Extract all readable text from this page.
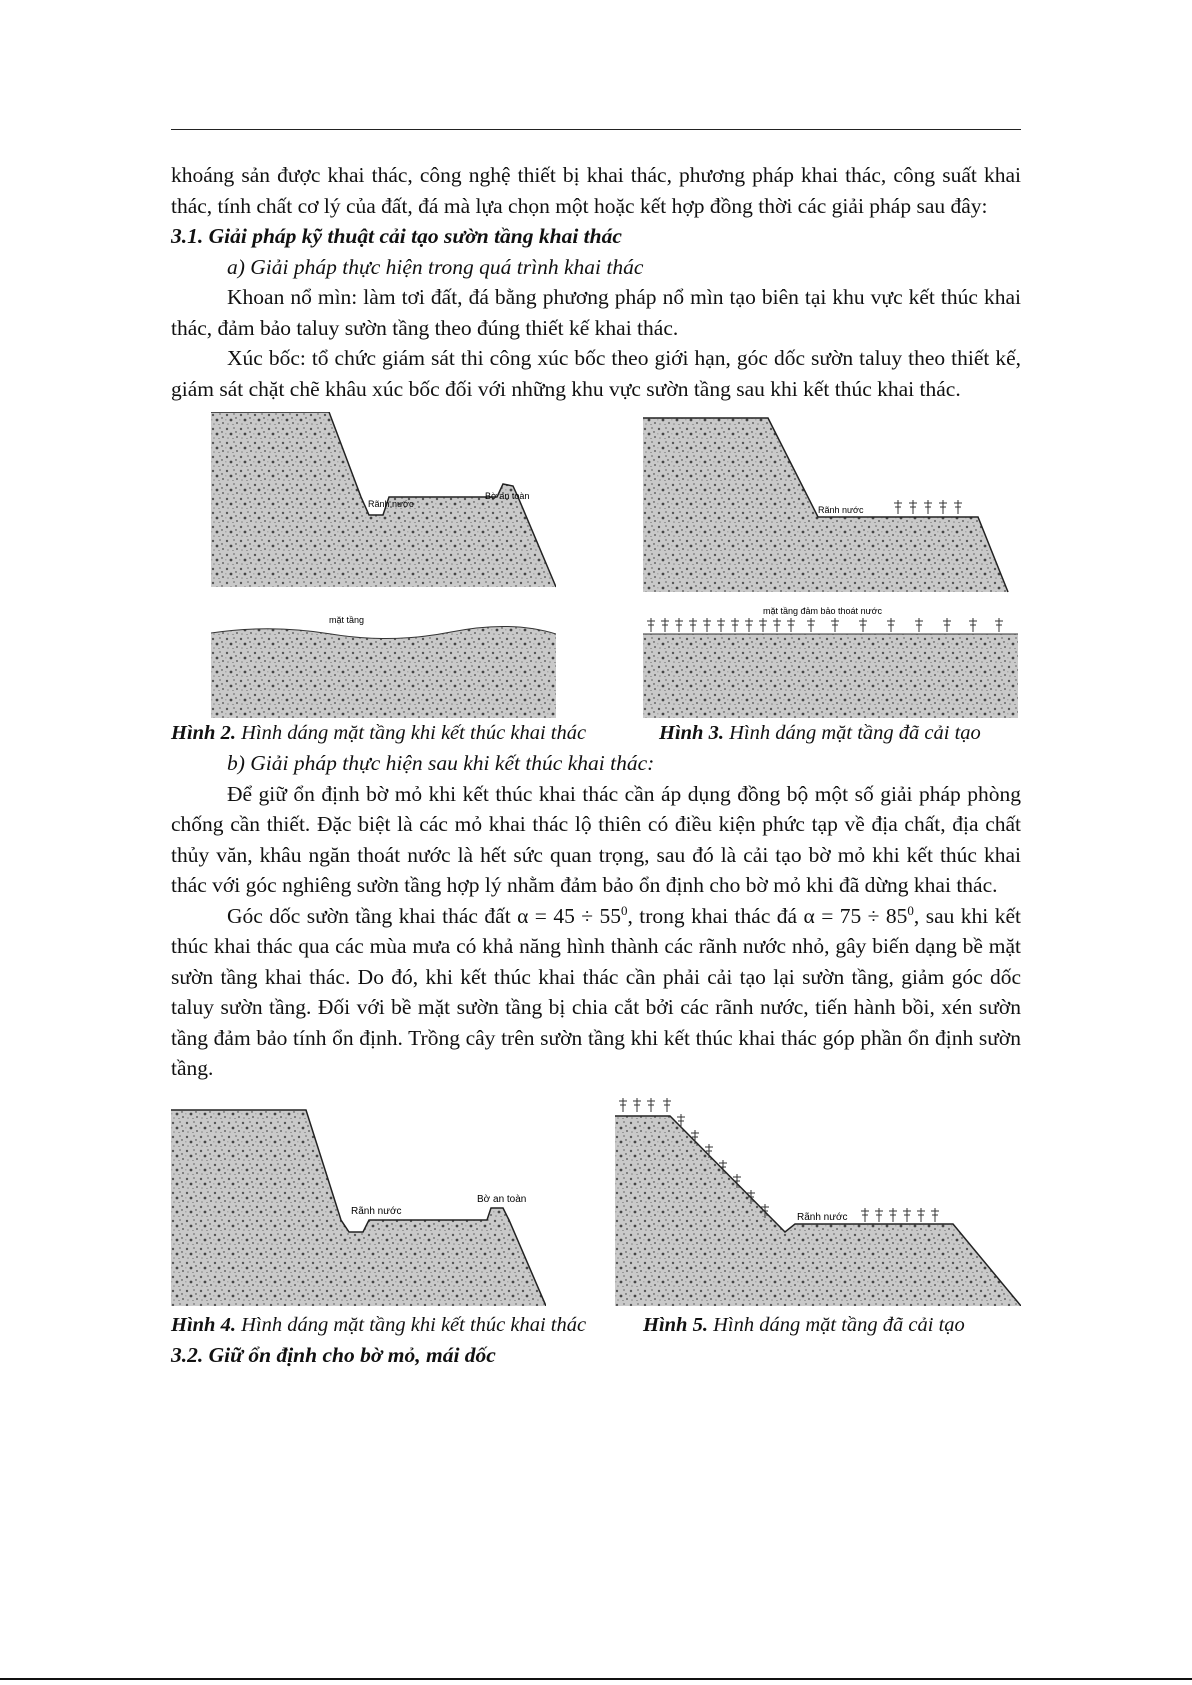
khoáng sản được khai thác, công nghệ thiết bị khai thác, phương pháp khai thác, công suất khai thác, tính chất cơ lý của đất, đá mà lựa chọn một hoặc kết hợp đồng thời các giải pháp sau đây:

3.1. Giải pháp kỹ thuật cải tạo sườn tầng khai thác
a) Giải pháp thực hiện trong quá trình khai thác

Khoan nổ mìn: làm tơi đất, đá bằng phương pháp nổ mìn tạo biên tại khu vực kết thúc khai thác, đảm bảo taluy sườn tầng theo đúng thiết kế khai thác.

Xúc bốc: tổ chức giám sát thi công xúc bốc theo giới hạn, góc dốc sườn taluy theo thiết kế, giám sát chặt chẽ khâu xúc bốc đối với những khu vực sườn tầng sau khi kết thúc khai thác.

Rãnh nước
Bờ an toàn
mặt tầng
Rãnh nước
mặt tầng đảm bảo thoát nước
Hình 2. Hình dáng mặt tầng khi kết thúc khai thác	Hình 3. Hình dáng mặt tầng đã cải tạo
b) Giải pháp thực hiện sau khi kết thúc khai thác:

Để giữ ổn định bờ mỏ khi kết thúc khai thác cần áp dụng đồng bộ một số giải pháp phòng chống cần thiết. Đặc biệt là các mỏ khai thác lộ thiên có điều kiện phức tạp về địa chất, địa chất thủy văn, khâu ngăn thoát nước là hết sức quan trọng, sau đó là cải tạo bờ mỏ khi kết thúc khai thác với góc nghiêng sườn tầng hợp lý nhằm đảm bảo ổn định cho bờ mỏ khi đã dừng khai thác.

Góc dốc sườn tầng khai thác đất $\alpha = 45 \div 55^0$, trong khai thác đá $\alpha = 75 \div 85^0$, sau khi kết thúc khai thác qua các mùa mưa có khả năng hình thành các rãnh nước nhỏ, gây biến dạng bề mặt sườn tầng khai thác. Do đó, khi kết thúc khai thác cần phải cải tạo lại sườn tầng, giảm góc dốc taluy sườn tầng. Đối với bề mặt sườn tầng bị chia cắt bởi các rãnh nước, tiến hành bồi, xén sườn tầng đảm bảo tính ổn định. Trồng cây trên sườn tầng khi kết thúc khai thác góp phần ổn định sườn tầng.

Rãnh nước
Bờ an toàn
Rãnh nước
Hình 4. Hình dáng mặt tầng khi kết thúc khai thác	Hình 5. Hình dáng mặt tầng đã cải tạo
3.2. Giữ ổn định cho bờ mỏ, mái dốc
